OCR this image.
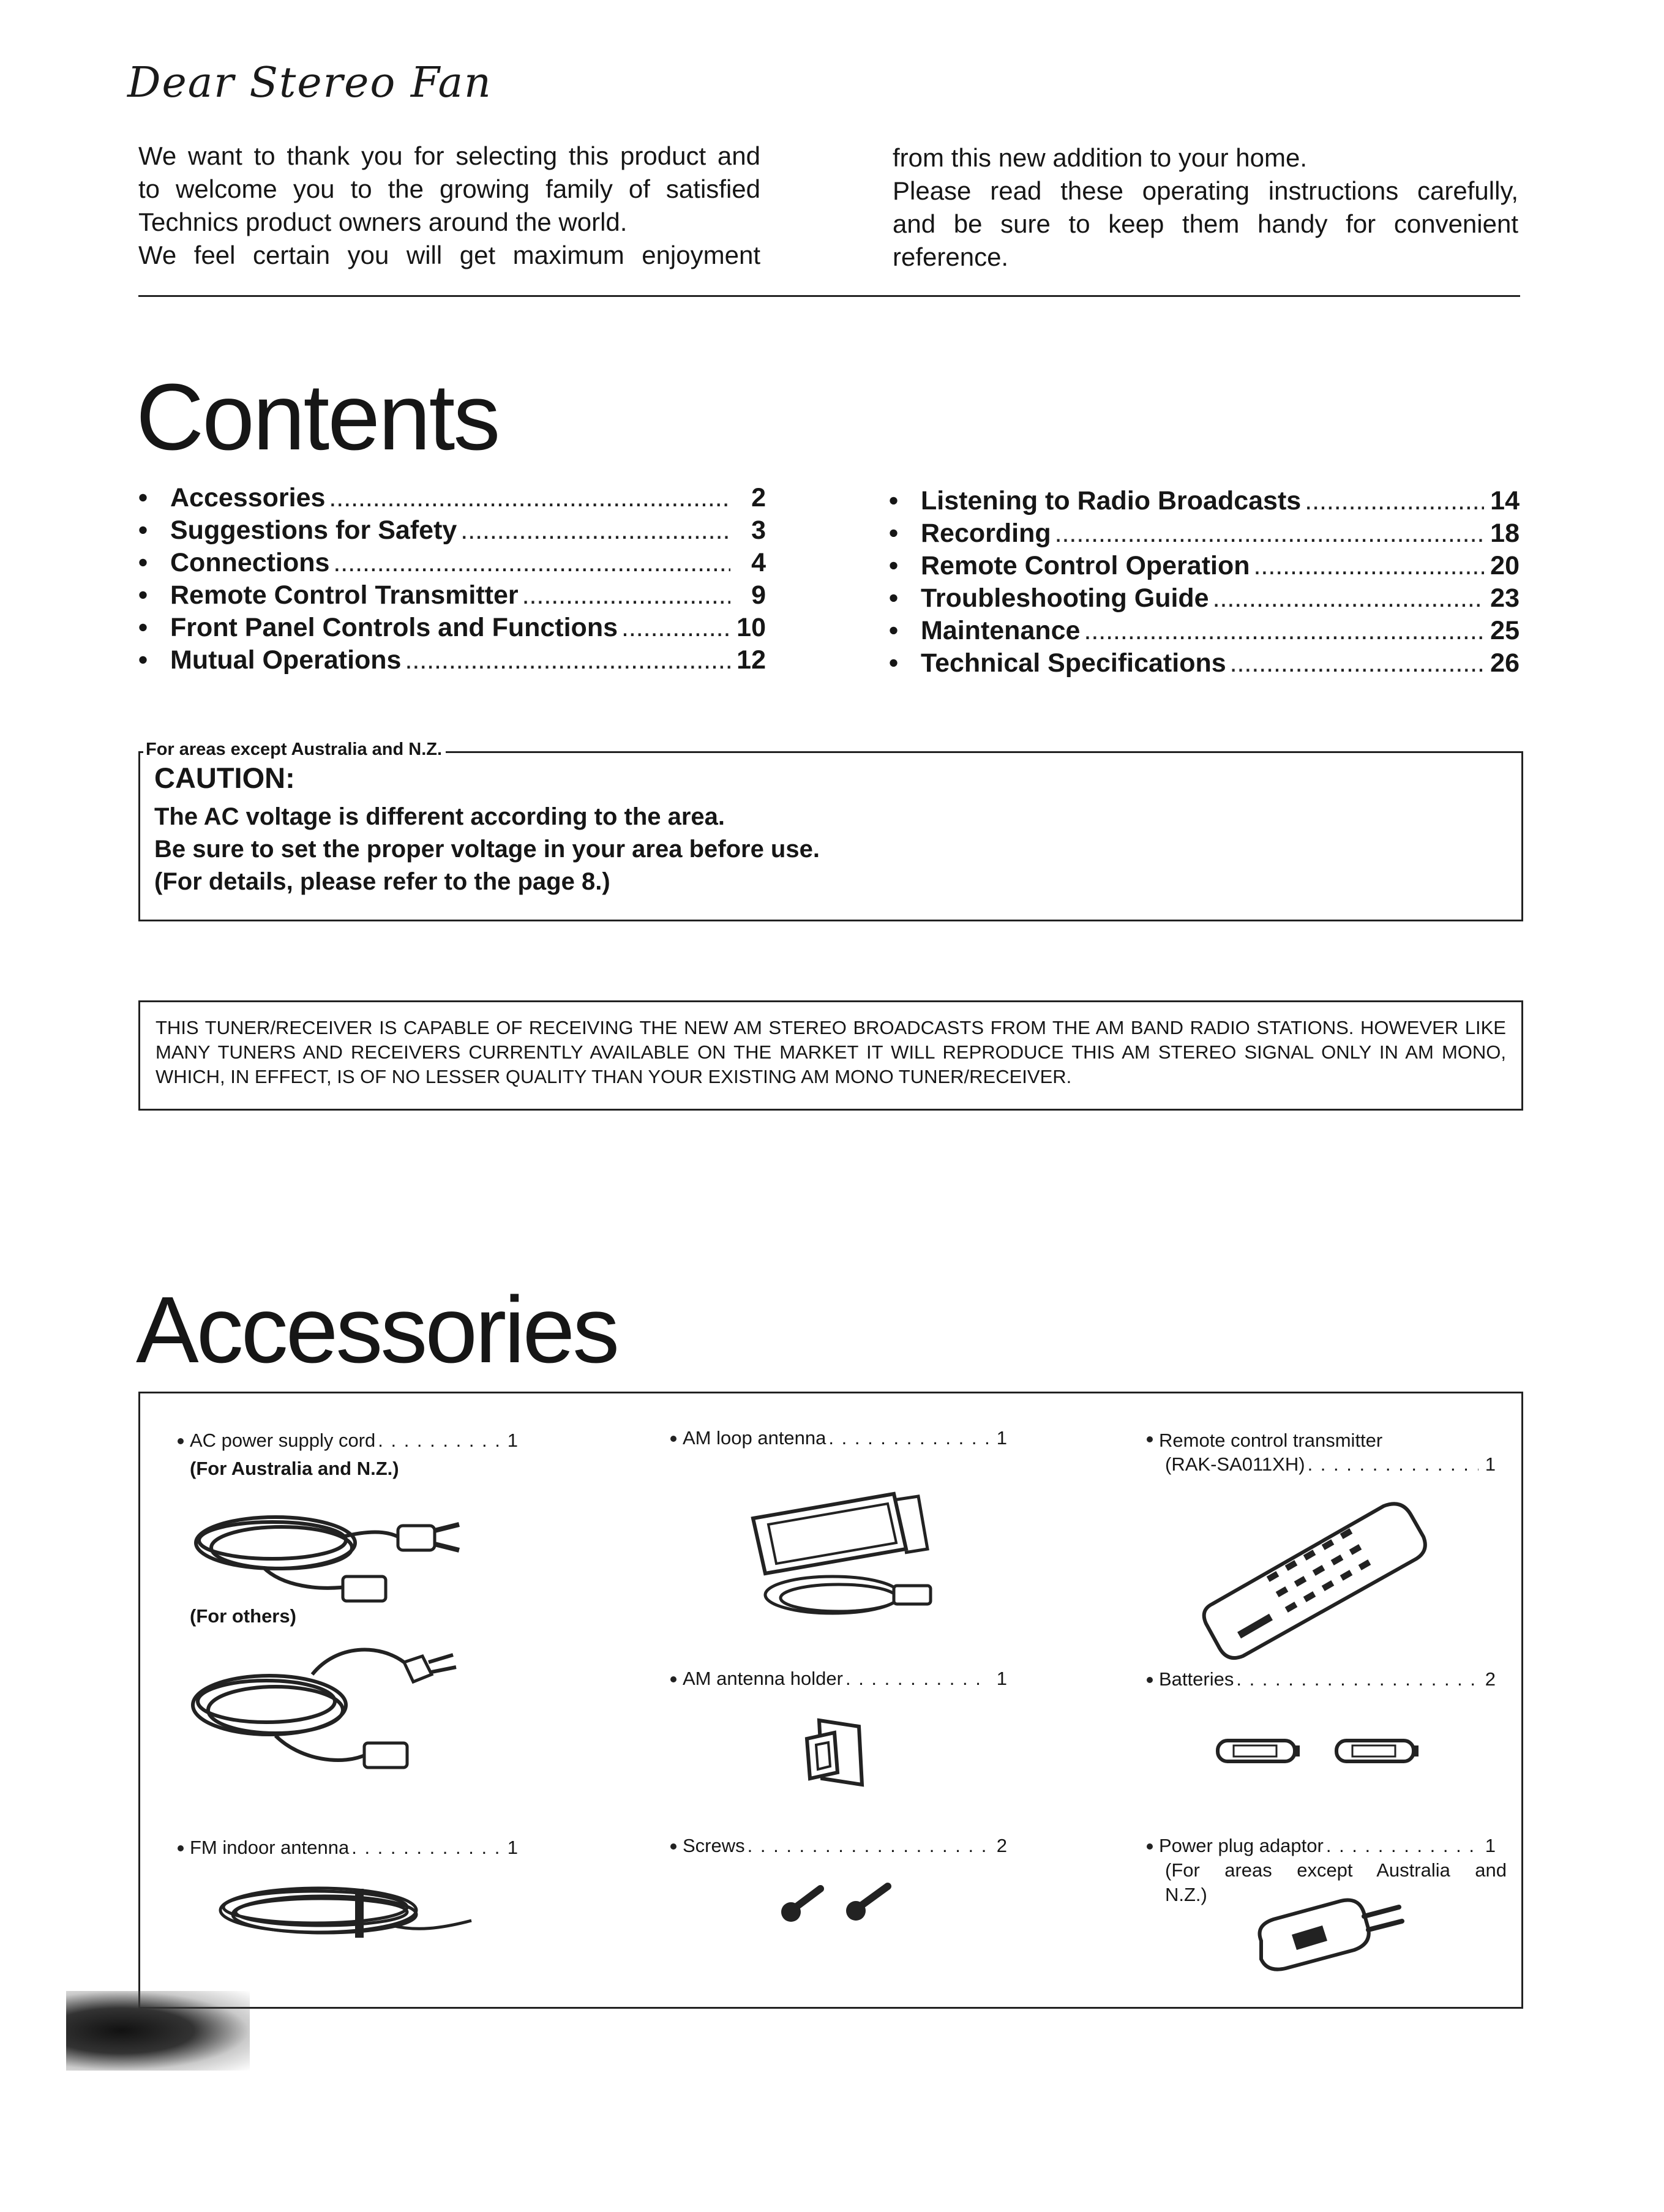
Dear Stereo Fan

We want to thank you for selecting this product and

to welcome you to the growing family of satisfied

Technics product owners around the world.

We feel certain you will get maximum enjoyment

from this new addition to your home.

Please read these operating instructions carefully,

and be sure to keep them handy for convenient

reference.

Contents
• Accessories . . .	2
• Suggestions for Safety . . .	3
• Connections . . .	4
• Remote Control Transmitter . . .	9
• Front Panel Controls and Functions . . .	10
• Mutual Operations . . .	12
• Listening to Radio Broadcasts . . .	14
• Recording . . .	18
• Remote Control Operation . . .	20
• Troubleshooting Guide . . .	23
• Maintenance . . .	25
• Technical Specifications . . .	26
For areas except Australia and N.Z.
CAUTION:
The AC voltage is different according to the area.
Be sure to set the proper voltage in your area before use.
(For details, please refer to the page 8.)
THIS TUNER/RECEIVER IS CAPABLE OF RECEIVING THE NEW AM STEREO BROADCASTS FROM THE AM BAND RADIO STATIONS. HOWEVER LIKE MANY TUNERS AND RECEIVERS CURRENTLY AVAILABLE ON THE MARKET IT WILL REPRODUCE THIS AM STEREO SIGNAL ONLY IN AM MONO, WHICH, IN EFFECT, IS OF NO LESSER QUALITY THAN YOUR EXISTING AM MONO TUNER/RECEIVER.
Accessories
AC power supply cord . . .	1
(For Australia and N.Z.)
(For others)
FM indoor antenna . . .	1
AM loop antenna . . .	1
AM antenna holder . . .	1
Screws . . .	2
Remote control transmitter
(RAK-SA011XH) . . .	1
Batteries . . .	2
Power plug adaptor . . .	1
(For areas except Australia and
N.Z.)
